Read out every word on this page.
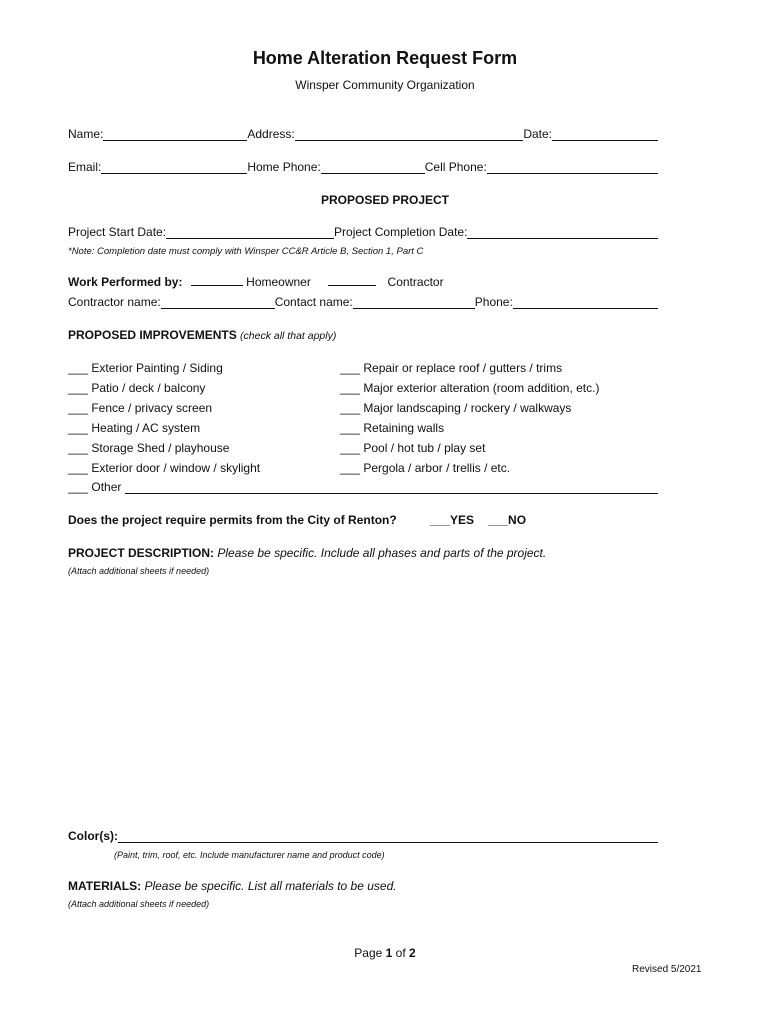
Home Alteration Request Form
Winsper Community Organization
Name:	Address:	Date:
Email:	Home Phone:	Cell Phone:
PROPOSED PROJECT
Project Start Date:	Project Completion Date:
*Note: Completion date must comply with Winsper CC&R Article B, Section 1, Part C
Work Performed by:	Homeowner	Contractor
Contractor name:	Contact name:	Phone:
PROPOSED IMPROVEMENTS (check all that apply)
___ Exterior Painting / Siding
___ Patio / deck / balcony
___ Fence / privacy screen
___ Heating / AC system
___ Storage Shed / playhouse
___ Exterior door / window / skylight
___ Repair or replace roof / gutters / trims
___ Major exterior alteration (room addition, etc.)
___ Major landscaping / rockery / walkways
___ Retaining walls
___ Pool / hot tub / play set
___ Pergola / arbor / trellis / etc.
___ Other
Does the project require permits from the City of Renton?	___YES ___NO
PROJECT DESCRIPTION: Please be specific. Include all phases and parts of the project.
(Attach additional sheets if needed)
Color(s):
(Paint, trim, roof, etc. Include manufacturer name and product code)
MATERIALS: Please be specific. List all materials to be used.
(Attach additional sheets if needed)
Page 1 of 2
Revised 5/2021
